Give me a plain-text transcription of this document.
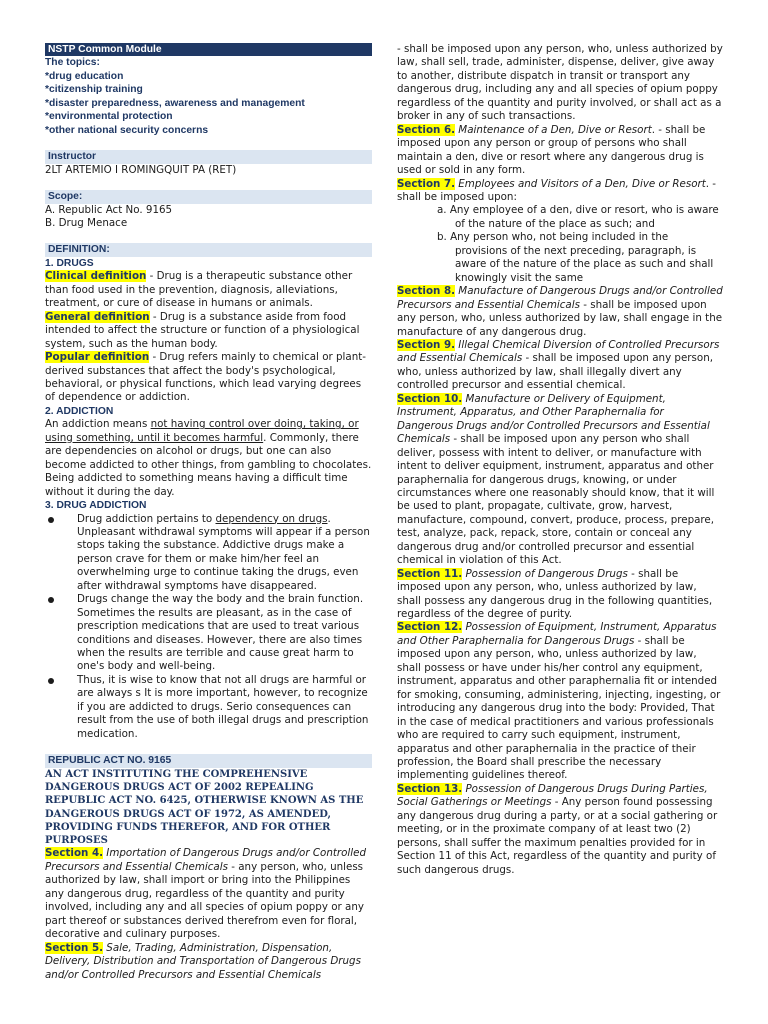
NSTP Common Module
The topics:
*drug education
*citizenship training
*disaster preparedness, awareness and management
*environmental protection
*other national security concerns
Instructor

2LT ARTEMIO I ROMINGQUIT PA (RET)

Scope:

A. Republic Act No. 9165

B. Drug Menace

DEFINITION:
1. DRUGS

Clinical definition - Drug is a therapeutic substance other than food used in the prevention, diagnosis, alleviations, treatment, or cure of disease in humans or animals.

General definition - Drug is a substance aside from food intended to affect the structure or function of a physiological system, such as the human body.

Popular definition - Drug refers mainly to chemical or plant-derived substances that affect the body's psychological, behavioral, or physical functions, which lead varying degrees of dependence or addiction.

2. ADDICTION

An addiction means not having control over doing, taking, or using something, until it becomes harmful. Commonly, there are dependencies on alcohol or drugs, but one can also become addicted to other things, from gambling to chocolates. Being addicted to something means having a difficult time without it during the day.

3. DRUG ADDICTION
Drug addiction pertains to dependency on drugs. Unpleasant withdrawal symptoms will appear if a person stops taking the substance. Addictive drugs make a person crave for them or make him/her feel an overwhelming urge to continue taking the drugs, even after withdrawal symptoms have disappeared.
Drugs change the way the body and the brain function. Sometimes the results are pleasant, as in the case of prescription medications that are used to treat various conditions and diseases. However, there are also times when the results are terrible and cause great harm to one's body and well-being.
Thus, it is wise to know that not all drugs are harmful or are always s It is more important, however, to recognize if you are addicted to drugs. Serio consequences can result from the use of both illegal drugs and prescription medication.
REPUBLIC ACT NO. 9165

AN ACT INSTITUTING THE COMPREHENSIVE DANGEROUS DRUGS ACT OF 2002 REPEALING REPUBLIC ACT NO. 6425, OTHERWISE KNOWN AS THE DANGEROUS DRUGS ACT OF 1972, AS AMENDED, PROVIDING FUNDS THEREFOR, AND FOR OTHER PURPOSES

Section 4. Importation of Dangerous Drugs and/or Controlled Precursors and Essential Chemicals - any person, who, unless authorized by law, shall import or bring into the Philippines any dangerous drug, regardless of the quantity and purity involved, including any and all species of opium poppy or any part thereof or substances derived therefrom even for floral, decorative and culinary purposes.

Section 5. Sale, Trading, Administration, Dispensation, Delivery, Distribution and Transportation of Dangerous Drugs and/or Controlled Precursors and Essential Chemicals

- shall be imposed upon any person, who, unless authorized by law, shall sell, trade, administer, dispense, deliver, give away to another, distribute dispatch in transit or transport any dangerous drug, including any and all species of opium poppy regardless of the quantity and purity involved, or shall act as a broker in any of such transactions.

Section 6. Maintenance of a Den, Dive or Resort. - shall be imposed upon any person or group of persons who shall maintain a den, dive or resort where any dangerous drug is used or sold in any form.

Section 7. Employees and Visitors of a Den, Dive or Resort. - shall be imposed upon:

a. Any employee of a den, dive or resort, who is aware of the nature of the place as such; and

b. Any person who, not being included in the provisions of the next preceding, paragraph, is aware of the nature of the place as such and shall knowingly visit the same

Section 8. Manufacture of Dangerous Drugs and/or Controlled Precursors and Essential Chemicals - shall be imposed upon any person, who, unless authorized by law, shall engage in the manufacture of any dangerous drug.

Section 9. Illegal Chemical Diversion of Controlled Precursors and Essential Chemicals - shall be imposed upon any person, who, unless authorized by law, shall illegally divert any controlled precursor and essential chemical.

Section 10. Manufacture or Delivery of Equipment, Instrument, Apparatus, and Other Paraphernalia for Dangerous Drugs and/or Controlled Precursors and Essential Chemicals - shall be imposed upon any person who shall deliver, possess with intent to deliver, or manufacture with intent to deliver equipment, instrument, apparatus and other paraphernalia for dangerous drugs, knowing, or under circumstances where one reasonably should know, that it will be used to plant, propagate, cultivate, grow, harvest, manufacture, compound, convert, produce, process, prepare, test, analyze, pack, repack, store, contain or conceal any dangerous drug and/or controlled precursor and essential chemical in violation of this Act.

Section 11. Possession of Dangerous Drugs - shall be imposed upon any person, who, unless authorized by law, shall possess any dangerous drug in the following quantities, regardless of the degree of purity.

Section 12. Possession of Equipment, Instrument, Apparatus and Other Paraphernalia for Dangerous Drugs - shall be imposed upon any person, who, unless authorized by law, shall possess or have under his/her control any equipment, instrument, apparatus and other paraphernalia fit or intended for smoking, consuming, administering, injecting, ingesting, or introducing any dangerous drug into the body: Provided, That in the case of medical practitioners and various professionals who are required to carry such equipment, instrument, apparatus and other paraphernalia in the practice of their profession, the Board shall prescribe the necessary implementing guidelines thereof.

Section 13. Possession of Dangerous Drugs During Parties, Social Gatherings or Meetings - Any person found possessing any dangerous drug during a party, or at a social gathering or meeting, or in the proximate company of at least two (2) persons, shall suffer the maximum penalties provided for in Section 11 of this Act, regardless of the quantity and purity of such dangerous drugs.
